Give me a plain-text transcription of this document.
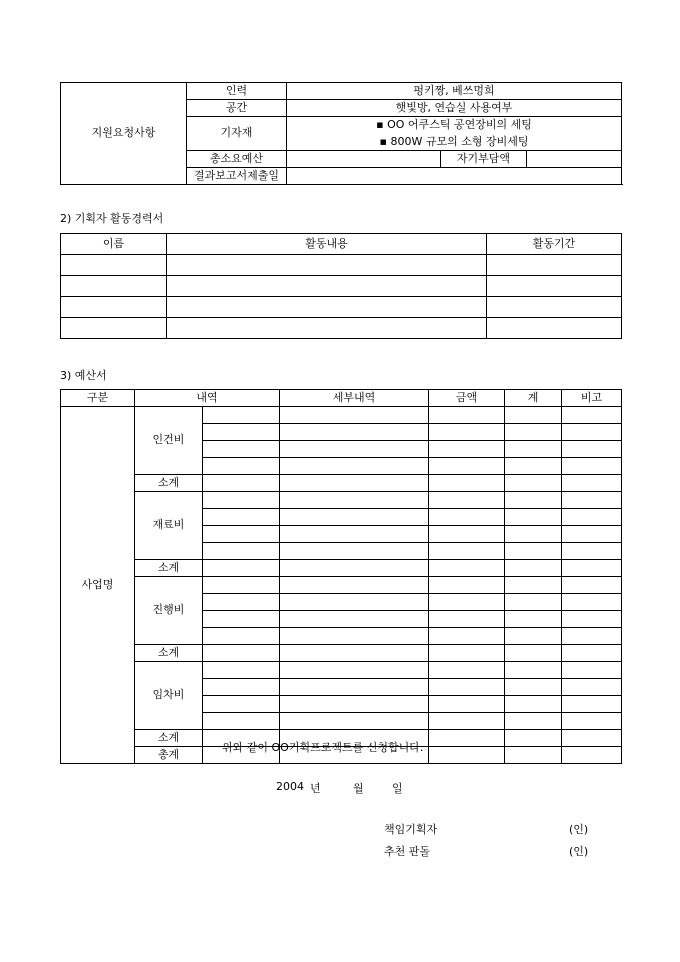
지원요청사항	인력	펑키짱, 베쓰멍희		
	공간	햇빛방, 연습실 사용여부		
	기자재	▪ OO 어쿠스틱 공연장비의 세팅
▪ 800W 규모의 소형 장비세팅		

	총소요예산		자기부담액	
	결과보고서제출일			
2) 기획자 활동경력서
이름	활동내용	활동기간

3) 예산서
구분	내역		세부내역	금액	계	비고
사업명	인건비					

	소계					
	재료비					

	소계					
	진행비					

	소계					
	임차비					

	소계					
	총계					
위와 같이 OO기획프로젝트를 신청합니다.
2004 년	월	일
책임기획자	(인)
추천 판돌	(인)
